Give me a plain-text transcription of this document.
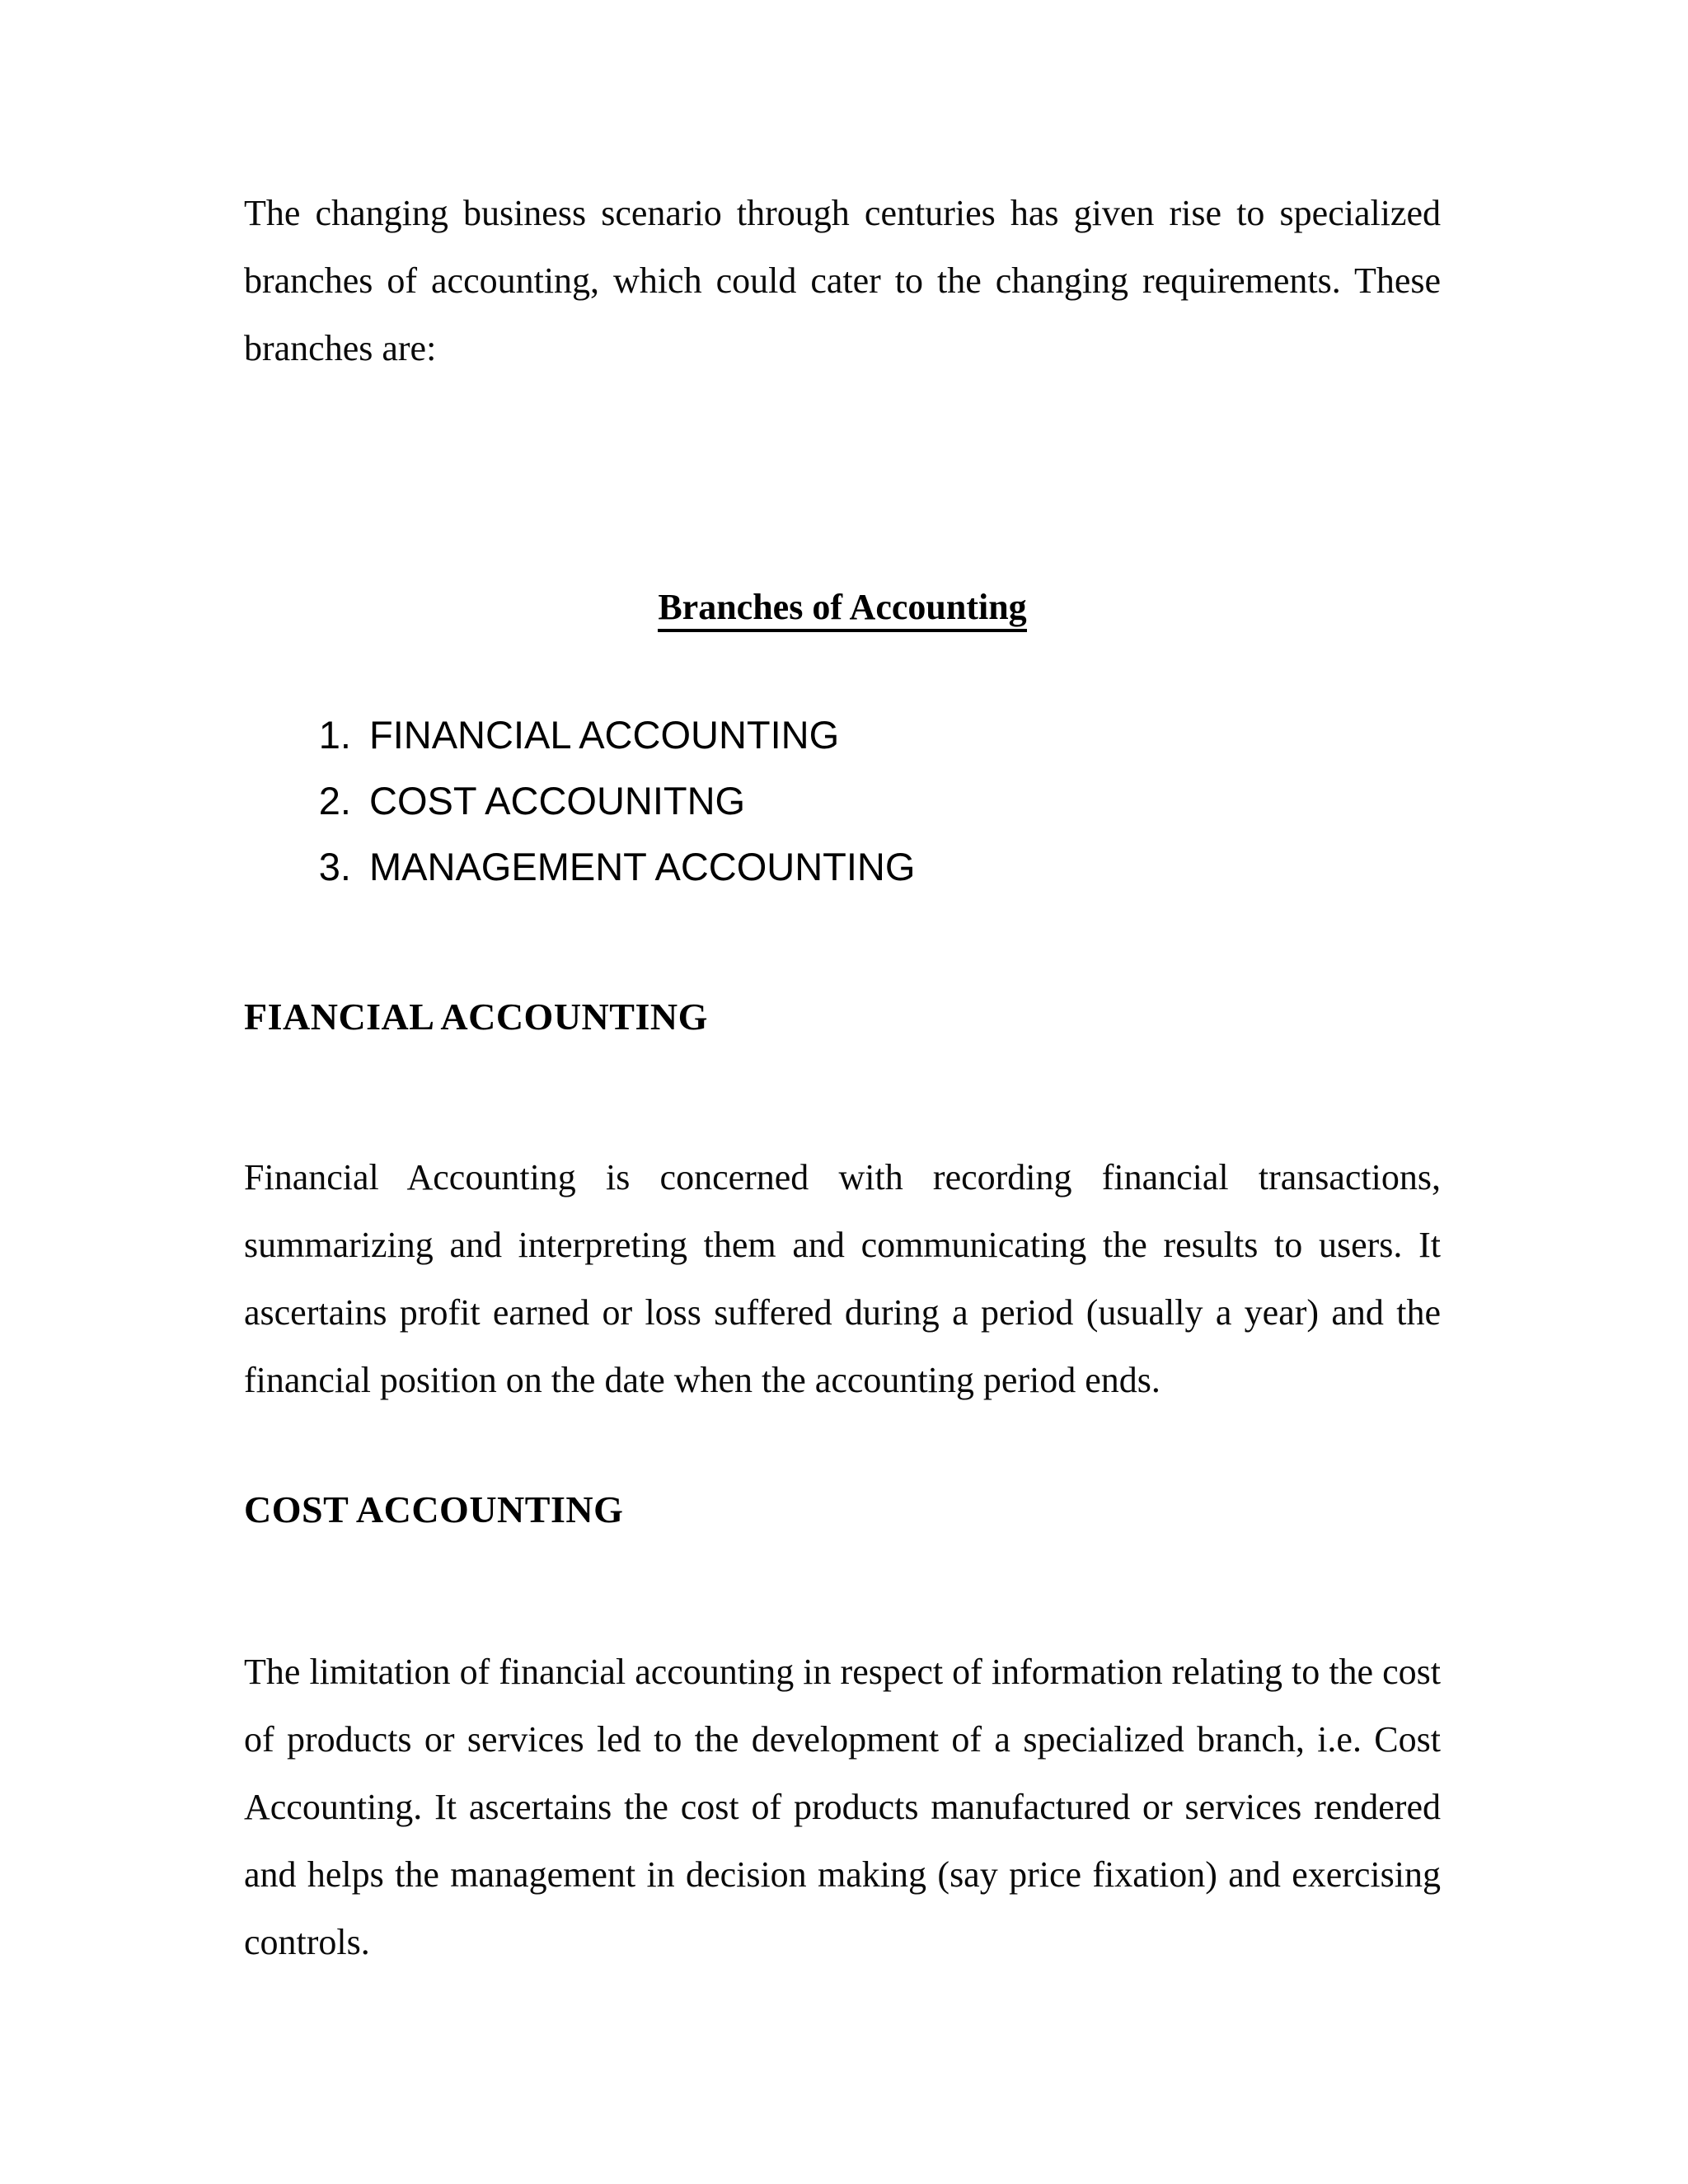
The changing business scenario through centuries has given rise to specialized branches of accounting, which could cater to the changing requirements. These branches are:

Branches of Accounting
1. FINANCIAL ACCOUNTING
2. COST ACCOUNITNG
3. MANAGEMENT ACCOUNTING

FIANCIAL ACCOUNTING

Financial Accounting is concerned with recording financial transactions, summarizing and interpreting them and communicating the results to users. It ascertains profit earned or loss suffered during a period (usually a year) and the financial position on the date when the accounting period ends.

COST ACCOUNTING

The limitation of financial accounting in respect of information relating to the cost of products or services led to the development of a specialized branch, i.e. Cost Accounting. It ascertains the cost of products manufactured or services rendered and helps the management in decision making (say price fixation) and exercising controls.
